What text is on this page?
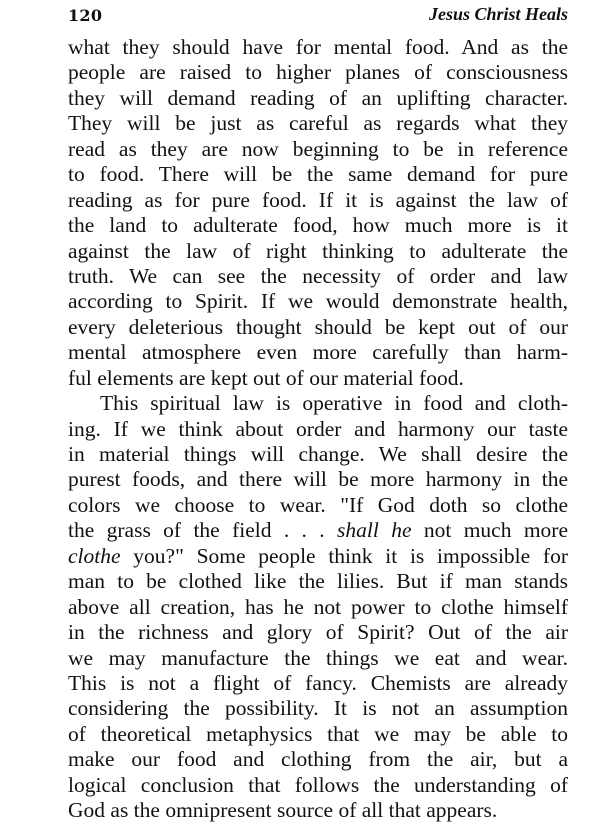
120	Jesus Christ Heals
what they should have for mental food. And as the
people are raised to higher planes of consciousness
they will demand reading of an uplifting character.
They will be just as careful as regards what they
read as they are now beginning to be in reference
to food. There will be the same demand for pure
reading as for pure food. If it is against the law of
the land to adulterate food, how much more is it
against the law of right thinking to adulterate the
truth. We can see the necessity of order and law
according to Spirit. If we would demonstrate health,
every deleterious thought should be kept out of our
mental atmosphere even more carefully than harm-
ful elements are kept out of our material food.
This spiritual law is operative in food and cloth-
ing. If we think about order and harmony our taste
in material things will change. We shall desire the
purest foods, and there will be more harmony in the
colors we choose to wear. "If God doth so clothe
the grass of the field . . . shall he not much more
clothe you?" Some people think it is impossible for
man to be clothed like the lilies. But if man stands
above all creation, has he not power to clothe himself
in the richness and glory of Spirit? Out of the air
we may manufacture the things we eat and wear.
This is not a flight of fancy. Chemists are already
considering the possibility. It is not an assumption
of theoretical metaphysics that we may be able to
make our food and clothing from the air, but a
logical conclusion that follows the understanding of
God as the omnipresent source of all that appears.
